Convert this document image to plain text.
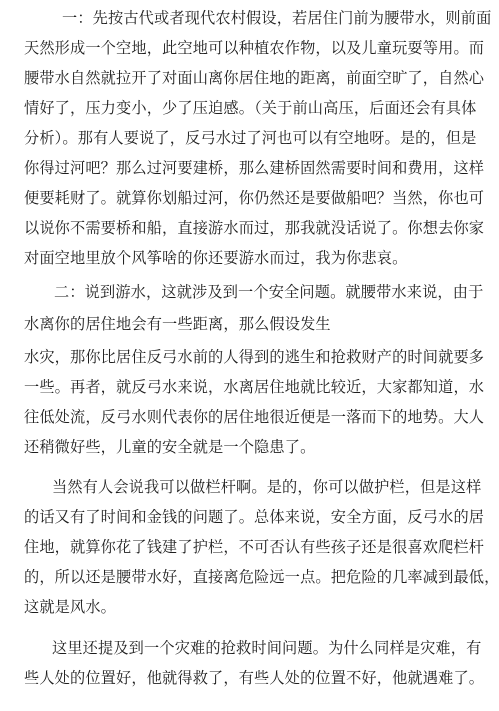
一：先按古代或者现代农村假设，若居住门前为腰带水，则前面
天然形成一个空地，此空地可以种植农作物，以及儿童玩耍等用。而
腰带水自然就拉开了对面山离你居住地的距离，前面空旷了，自然心
情好了，压力变小，少了压迫感。（关于前山高压，后面还会有具体
分析）。那有人要说了，反弓水过了河也可以有空地呀。是的，但是
你得过河吧？那么过河要建桥，那么建桥固然需要时间和费用，这样
便要耗财了。就算你划船过河，你仍然还是要做船吧？当然，你也可
以说你不需要桥和船，直接游水而过，那我就没话说了。你想去你家
对面空地里放个风筝啥的你还要游水而过，我为你悲哀。
二：说到游水，这就涉及到一个安全问题。就腰带水来说，由于
水离你的居住地会有一些距离，那么假设发生
水灾，那你比居住反弓水前的人得到的逃生和抢救财产的时间就要多
一些。再者，就反弓水来说，水离居住地就比较近，大家都知道，水
往低处流，反弓水则代表你的居住地很近便是一落而下的地势。大人
还稍微好些，儿童的安全就是一个隐患了。
当然有人会说我可以做栏杆啊。是的，你可以做护栏，但是这样
的话又有了时间和金钱的问题了。总体来说，安全方面，反弓水的居
住地，就算你花了钱建了护栏，不可否认有些孩子还是很喜欢爬栏杆
的，所以还是腰带水好，直接离危险远一点。把危险的几率减到最低，
这就是风水。
这里还提及到一个灾难的抢救时间问题。为什么同样是灾难，有
些人处的位置好，他就得救了，有些人处的位置不好，他就遇难了。
